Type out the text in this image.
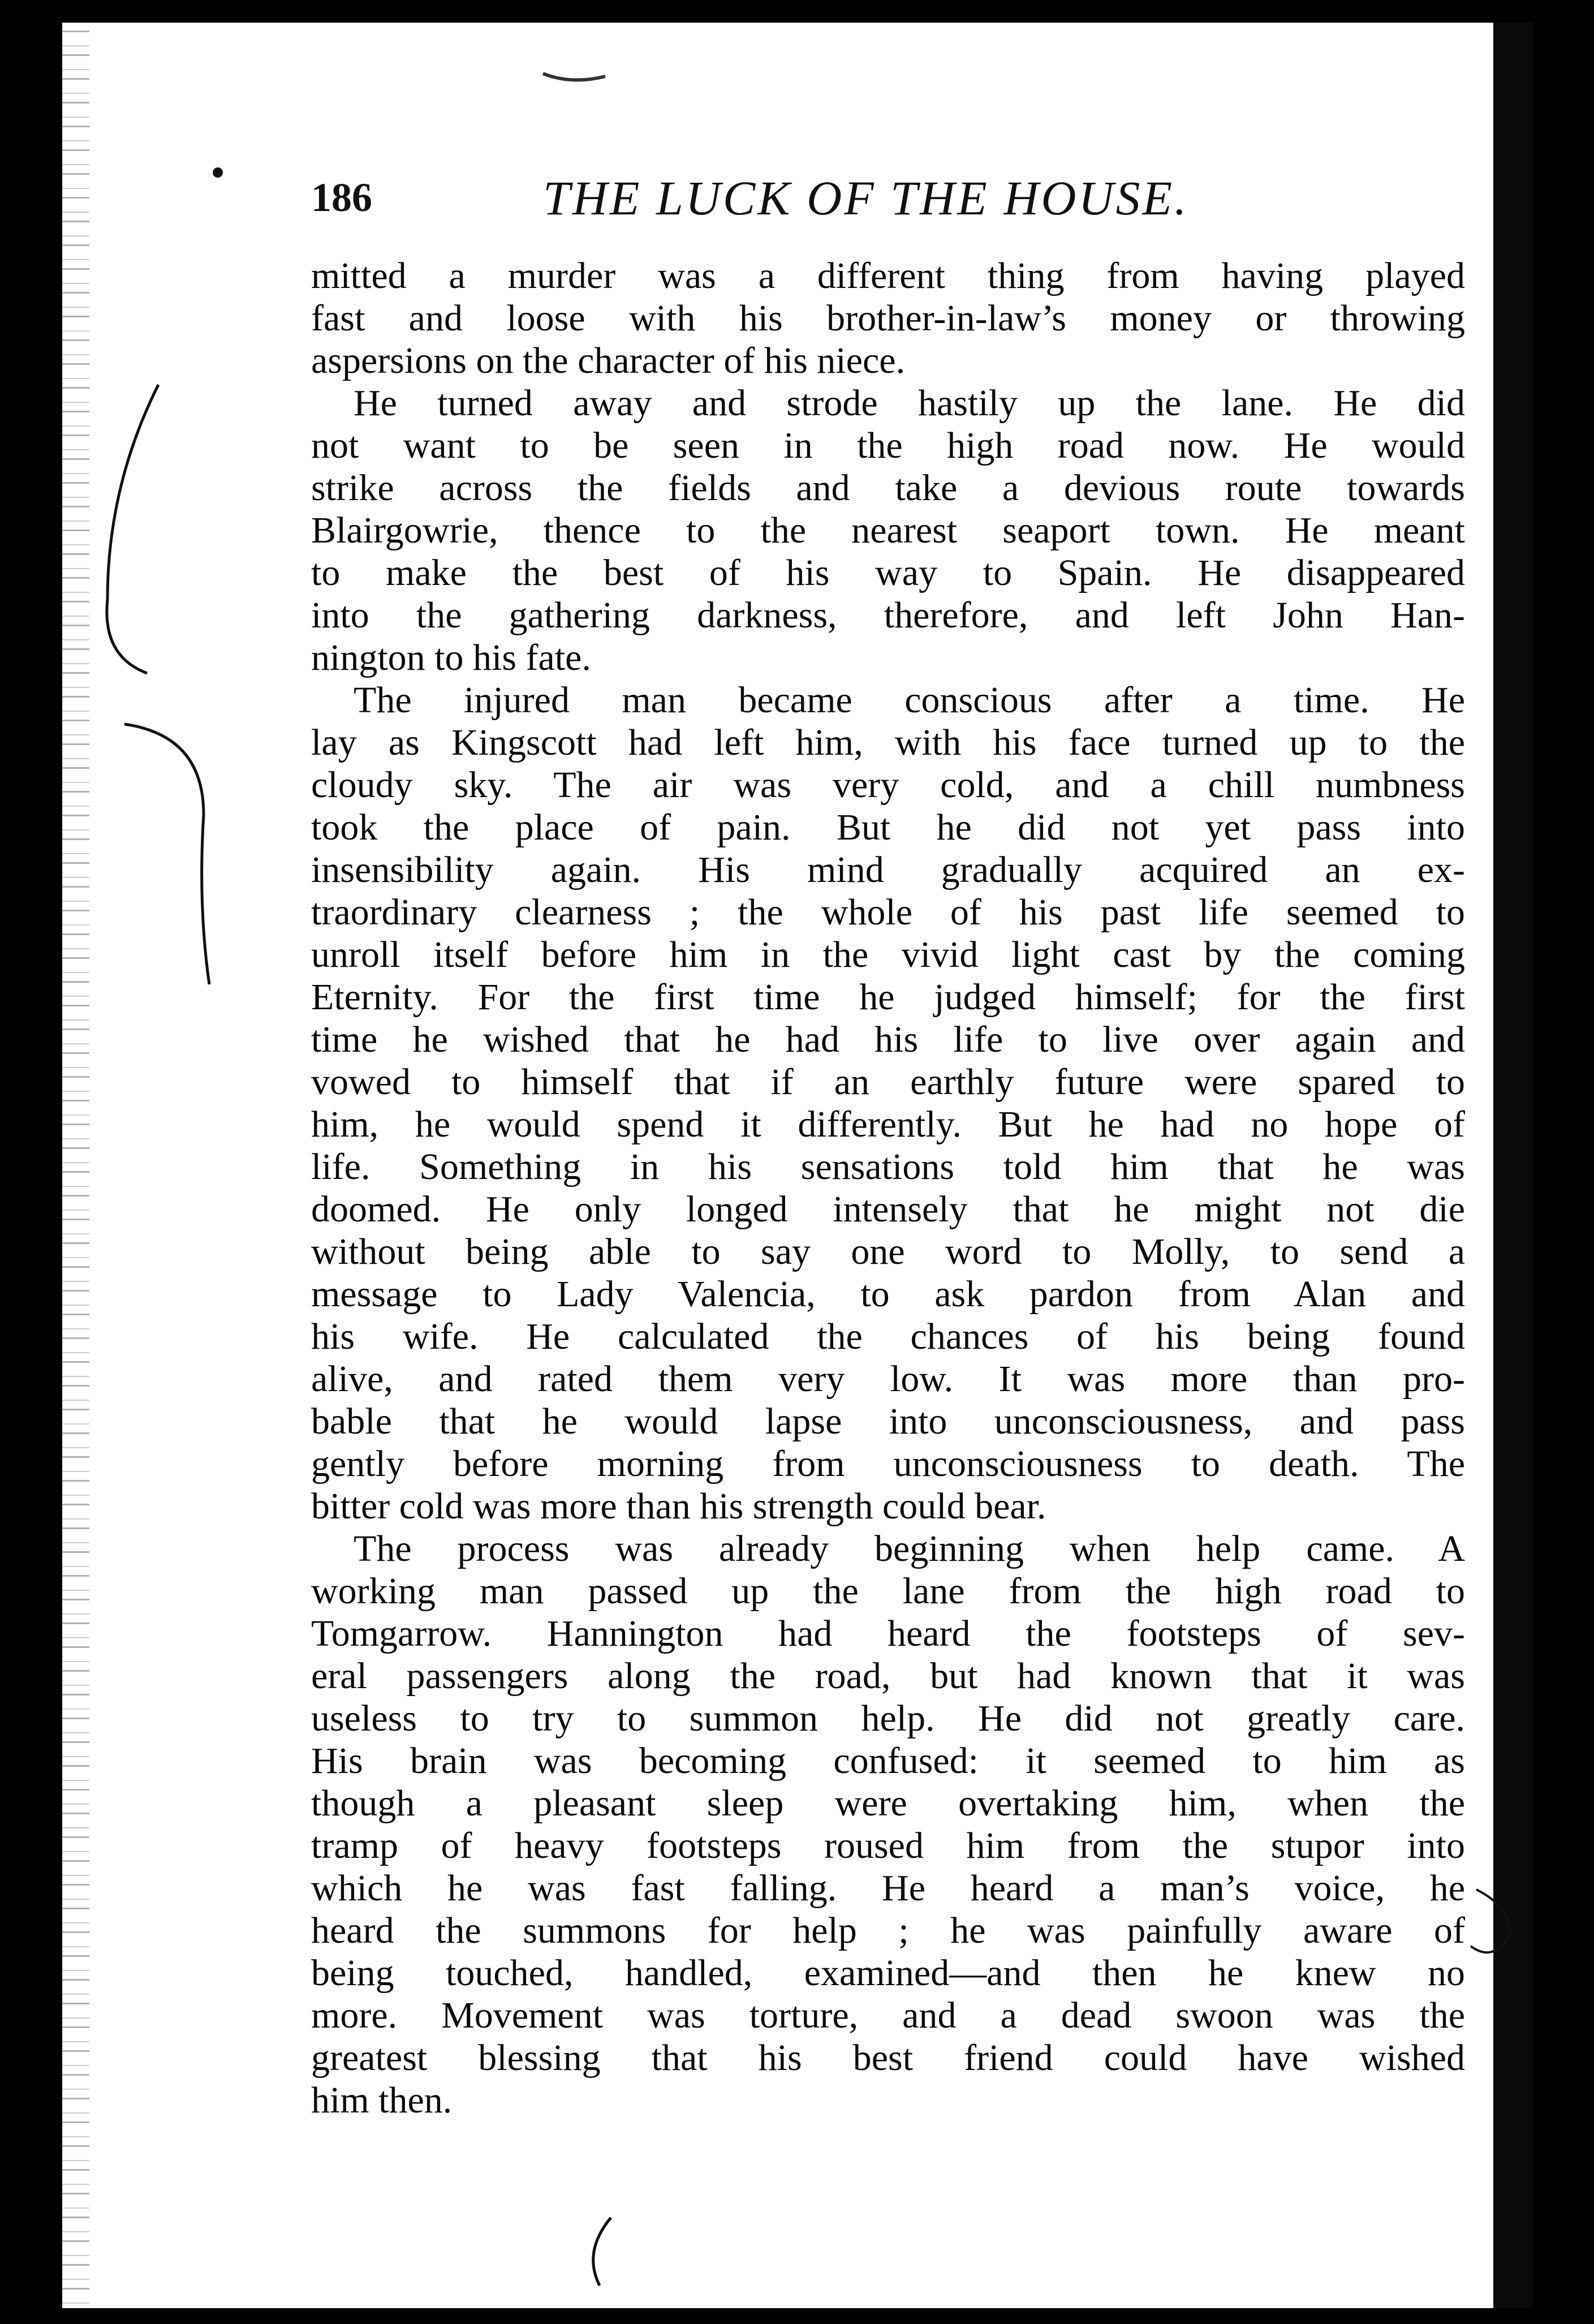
186	THE LUCK OF THE HOUSE.
mitted a murder was a different thing from having played
fast and loose with his brother-in-law’s money or throwing
aspersions on the character of his niece.
He turned away and strode hastily up the lane. He did
not want to be seen in the high road now. He would
strike across the fields and take a devious route towards
Blairgowrie, thence to the nearest seaport town. He meant
to make the best of his way to Spain. He disappeared
into the gathering darkness, therefore, and left John Han-
nington to his fate.
The injured man became conscious after a time. He
lay as Kingscott had left him, with his face turned up to the
cloudy sky. The air was very cold, and a chill numbness
took the place of pain. But he did not yet pass into
insensibility again. His mind gradually acquired an ex-
traordinary clearness ; the whole of his past life seemed to
unroll itself before him in the vivid light cast by the coming
Eternity. For the first time he judged himself; for the first
time he wished that he had his life to live over again and
vowed to himself that if an earthly future were spared to
him, he would spend it differently. But he had no hope of
life. Something in his sensations told him that he was
doomed. He only longed intensely that he might not die
without being able to say one word to Molly, to send a
message to Lady Valencia, to ask pardon from Alan and
his wife. He calculated the chances of his being found
alive, and rated them very low. It was more than pro-
bable that he would lapse into unconsciousness, and pass
gently before morning from unconsciousness to death. The
bitter cold was more than his strength could bear.
The process was already beginning when help came. A
working man passed up the lane from the high road to
Tomgarrow. Hannington had heard the footsteps of sev-
eral passengers along the road, but had known that it was
useless to try to summon help. He did not greatly care.
His brain was becoming confused: it seemed to him as
though a pleasant sleep were overtaking him, when the
tramp of heavy footsteps roused him from the stupor into
which he was fast falling. He heard a man’s voice, he
heard the summons for help ; he was painfully aware of
being touched, handled, examined—and then he knew no
more. Movement was torture, and a dead swoon was the
greatest blessing that his best friend could have wished
him then.
